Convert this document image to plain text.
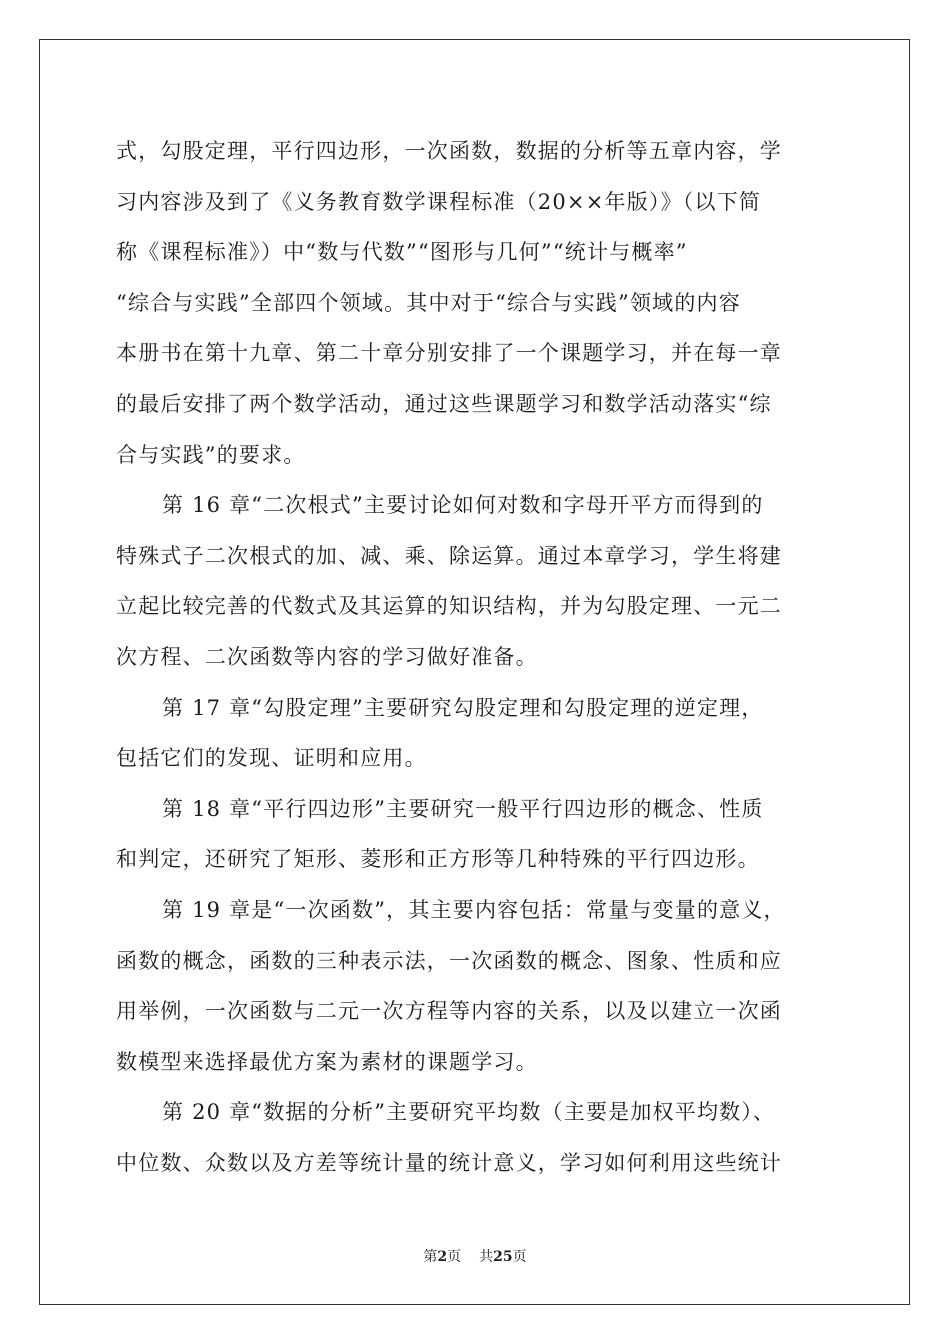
式，勾股定理，平行四边形，一次函数，数据的分析等五章内容，学
习内容涉及到了《义务教育数学课程标准（20××年版）》（以下简
称《课程标准》）中“数与代数”“图形与几何”“统计与概率”
“综合与实践”全部四个领域。其中对于“综合与实践”领域的内容
本册书在第十九章、第二十章分别安排了一个课题学习，并在每一章
的最后安排了两个数学活动，通过这些课题学习和数学活动落实“综
合与实践”的要求。
第 16 章“二次根式”主要讨论如何对数和字母开平方而得到的
特殊式子二次根式的加、减、乘、除运算。通过本章学习，学生将建
立起比较完善的代数式及其运算的知识结构，并为勾股定理、一元二
次方程、二次函数等内容的学习做好准备。
第 17 章“勾股定理”主要研究勾股定理和勾股定理的逆定理，
包括它们的发现、证明和应用。
第 18 章“平行四边形”主要研究一般平行四边形的概念、性质
和判定，还研究了矩形、菱形和正方形等几种特殊的平行四边形。
第 19 章是“一次函数”，其主要内容包括：常量与变量的意义，
函数的概念，函数的三种表示法，一次函数的概念、图象、性质和应
用举例，一次函数与二元一次方程等内容的关系，以及以建立一次函
数模型来选择最优方案为素材的课题学习。
第 20 章“数据的分析”主要研究平均数（主要是加权平均数）、
中位数、众数以及方差等统计量的统计意义，学习如何利用这些统计
第2页 共25页
